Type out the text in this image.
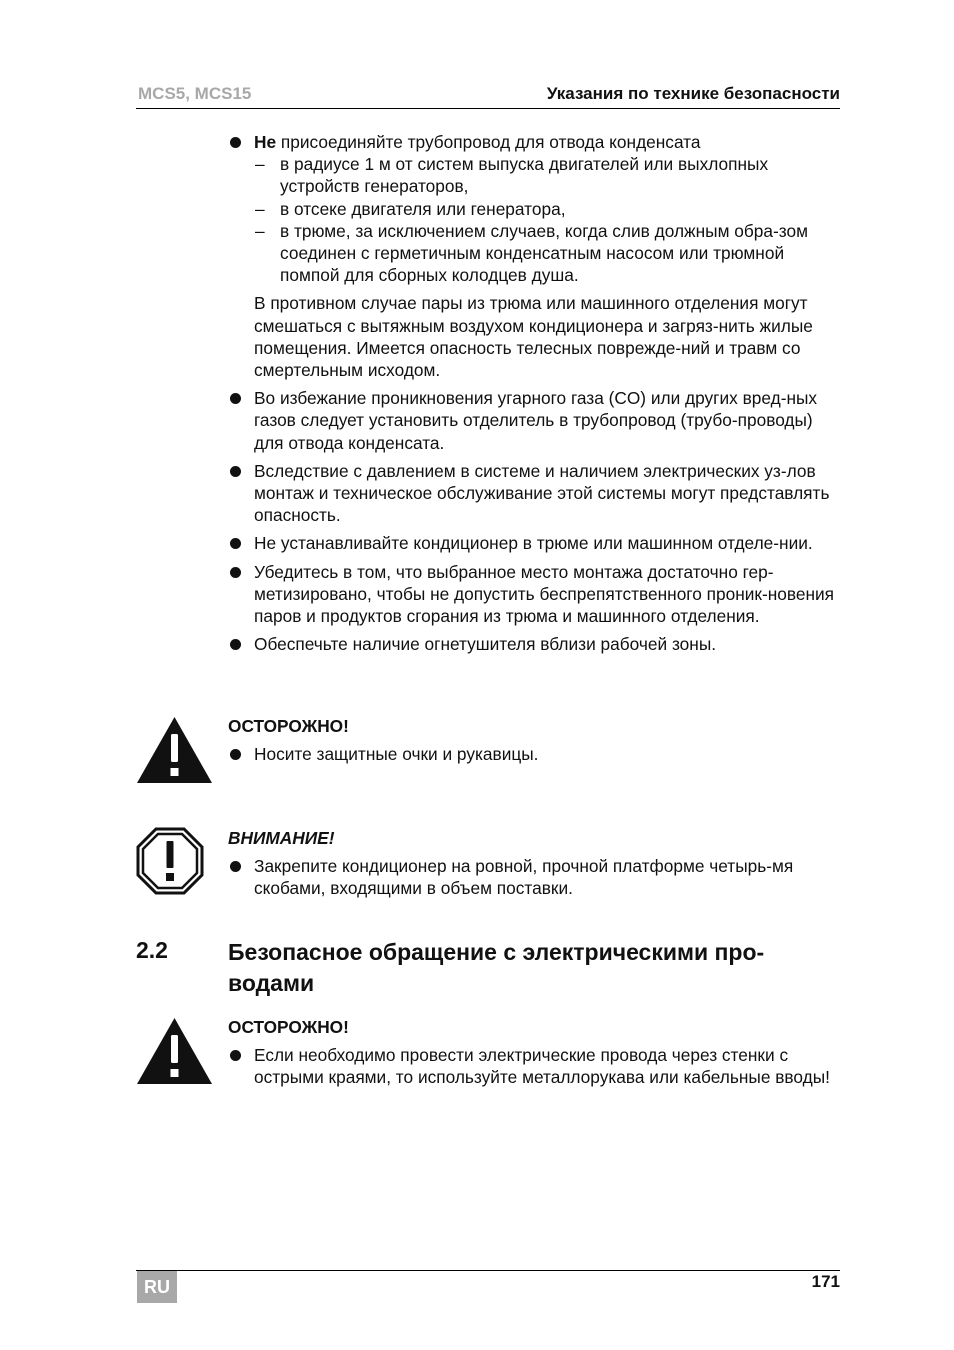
MCS5, MCS15	Указания по технике безопасности
Не присоединяйте трубопровод для отвода конденсата
– в радиусе 1 м от систем выпуска двигателей или выхлопных устройств генераторов,
– в отсеке двигателя или генератора,
– в трюме, за исключением случаев, когда слив должным обра-зом соединен с герметичным конденсатным насосом или трюмной помпой для сборных колодцев душа.
В противном случае пары из трюма или машинного отделения могут смешаться с вытяжным воздухом кондиционера и загряз-нить жилые помещения. Имеется опасность телесных поврежде-ний и травм со смертельным исходом.
Во избежание проникновения угарного газа (CO) или других вред-ных газов следует установить отделитель в трубопровод (трубо-проводы) для отвода конденсата.
Вследствие с давлением в системе и наличием электрических уз-лов монтаж и техническое обслуживание этой системы могут представлять опасность.
Не устанавливайте кондиционер в трюме или машинном отделе-нии.
Убедитесь в том, что выбранное место монтажа достаточно гер-метизировано, чтобы не допустить беспрепятственного проник-новения паров и продуктов сгорания из трюма и машинного отделения.
Обеспечьте наличие огнетушителя вблизи рабочей зоны.
ОСТОРОЖНО!
Носите защитные очки и рукавицы.
ВНИМАНИЕ!
Закрепите кондиционер на ровной, прочной платформе четырь-мя скобами, входящими в объем поставки.
2.2	Безопасное обращение с электрическими про-водами
ОСТОРОЖНО!
Если необходимо провести электрические провода через стенки с острыми краями, то используйте металлорукава или кабельные вводы!
RU	171
